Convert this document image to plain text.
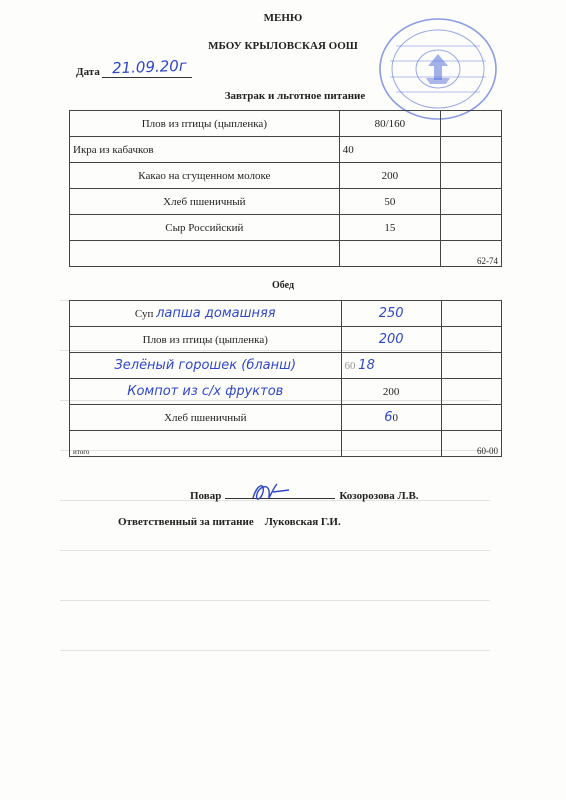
МЕНЮ
МБОУ КРЫЛОВСКАЯ ООШ
Дата 21.09.20г
Завтрак и льготное питание
Плов из птицы (цыпленка)	80/160	
Икра из кабачков	40	
Какао на сгущенном молоке	200	
Хлеб пшеничный	50	
Сыр Российский	15	
		62-74
Обед
Суп лапша домашняя	250	
Плов из птицы (цыпленка)	200	
Зелёный горошек (бланш)	60 18	
Компот из с/х фруктов	200	
Хлеб пшеничный	60	
итого		60-00
Повар	Козорозова Л.В.
Ответственный за питание Луковская Г.И.
